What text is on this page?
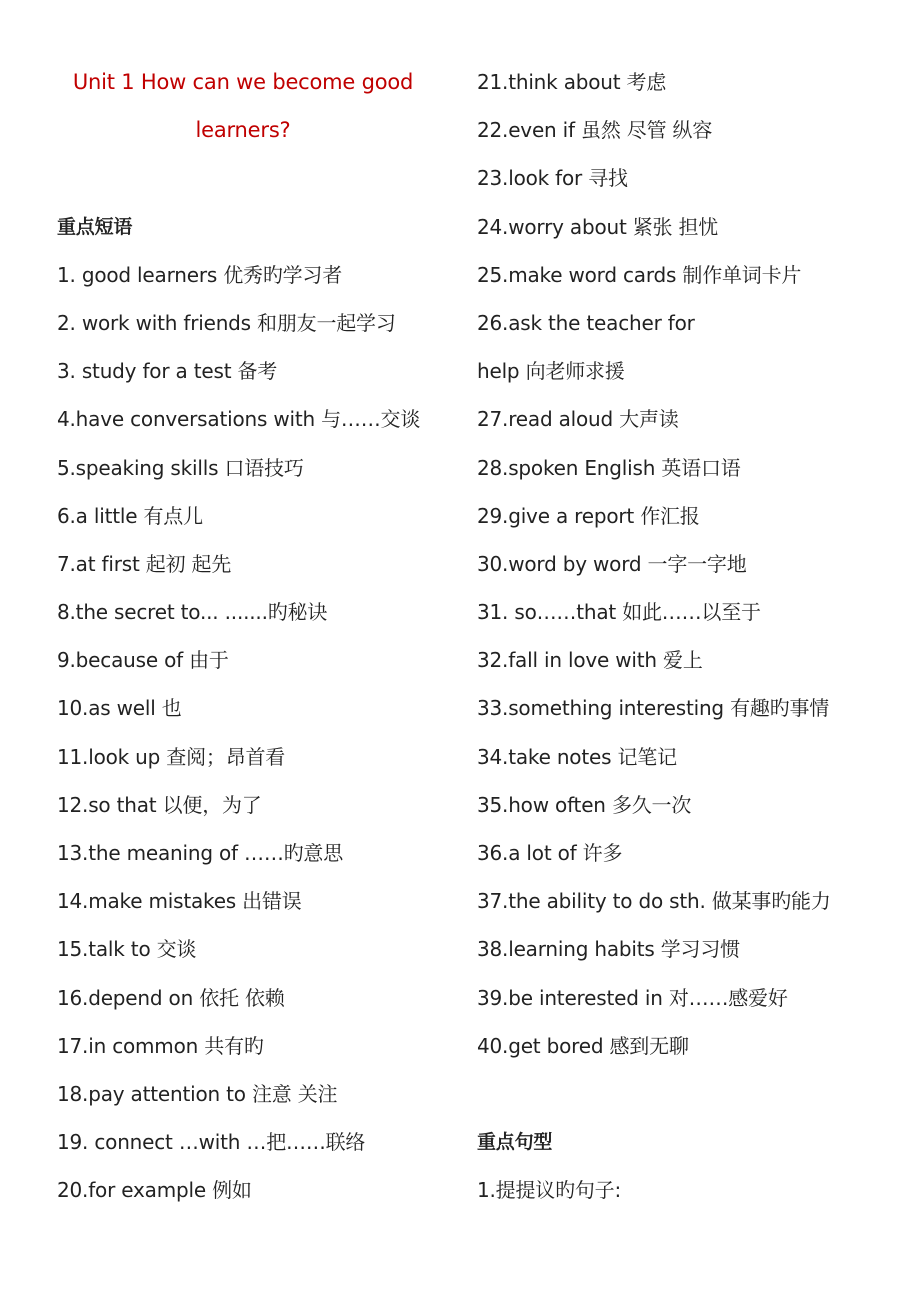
Unit 1 How can we become good
learners?
重点短语
1. good learners 优秀旳学习者
2. work with friends 和朋友一起学习
3. study for a test 备考
4.have conversations with 与……交谈
5.speaking skills 口语技巧
6.a little 有点儿
7.at first 起初 起先
8.the secret to... .......旳秘诀
9.because of 由于
10.as well 也
11.look up 查阅；昂首看
12.so that 以便，为了
13.the meaning of ……旳意思
14.make mistakes 出错误
15.talk to 交谈
16.depend on 依托 依赖
17.in common 共有旳
18.pay attention to 注意 关注
19. connect …with …把……联络
20.for example 例如
21.think about 考虑
22.even if 虽然 尽管 纵容
23.look for 寻找
24.worry about 紧张 担忧
25.make word cards 制作单词卡片
26.ask the teacher for
help 向老师求援
27.read aloud 大声读
28.spoken English 英语口语
29.give a report 作汇报
30.word by word 一字一字地
31. so……that 如此……以至于
32.fall in love with 爱上
33.something interesting 有趣旳事情
34.take notes 记笔记
35.how often 多久一次
36.a lot of 许多
37.the ability to do sth. 做某事旳能力
38.learning habits 学习习惯
39.be interested in 对……感爱好
40.get bored 感到无聊
重点句型
1.提提议旳句子:
